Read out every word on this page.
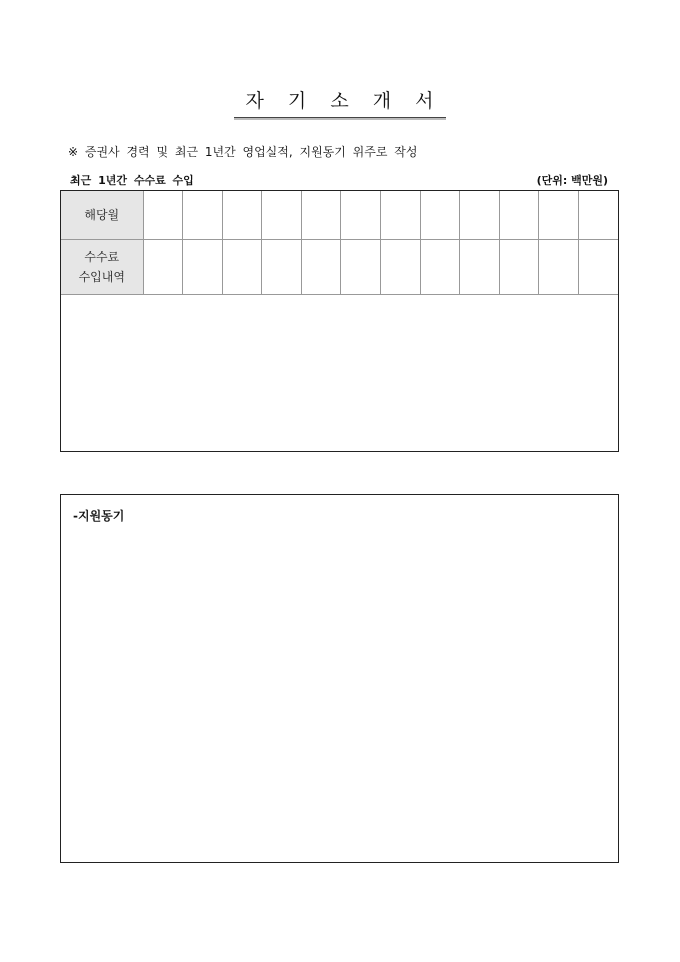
자 기 소 개 서
※ 증권사 경력 및 최근 1년간 영업실적, 지원동기 위주로 작성
최근 1년간 수수료 수입	(단위: 백만원)
해당월												

수수료
수입내역												

-지원동기
